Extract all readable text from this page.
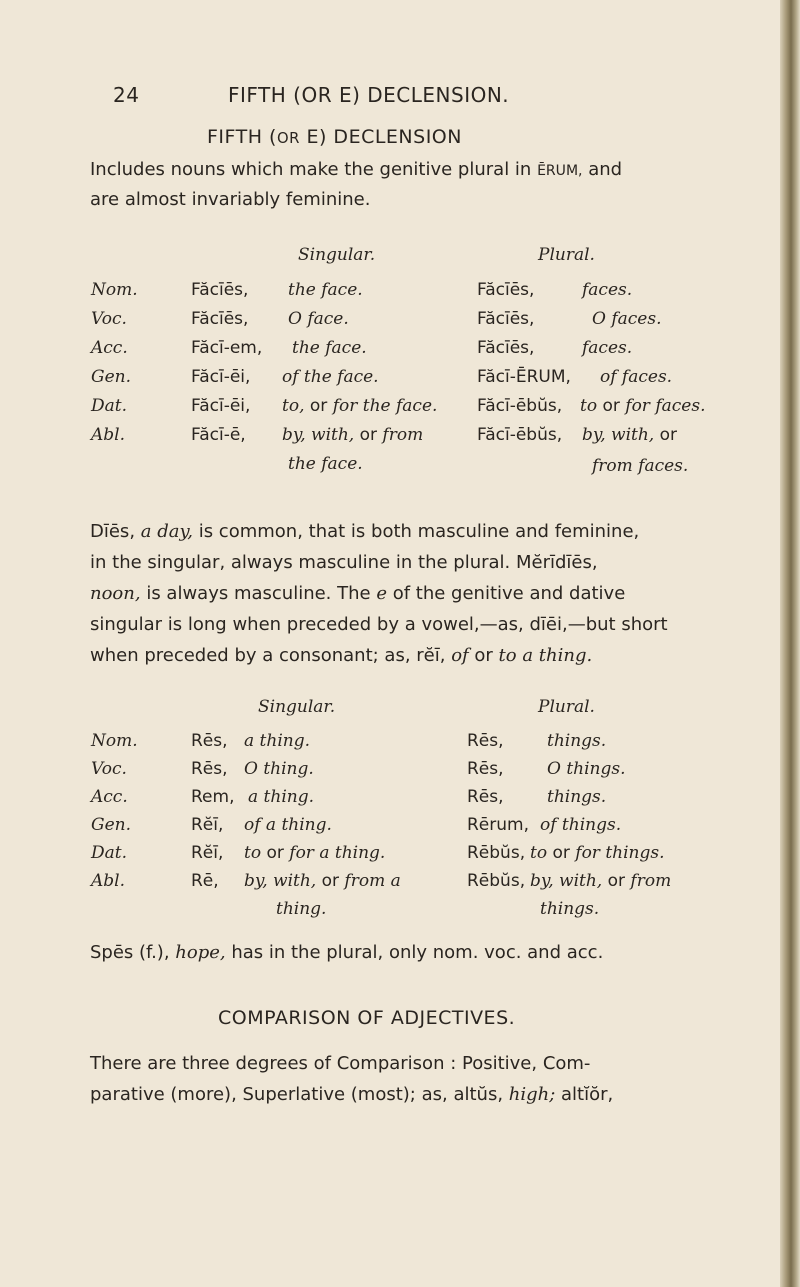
24	FIFTH (OR E) DECLENSION.
FIFTH (OR E) DECLENSION
Includes nouns which make the genitive plural in ĒRUM, and
are almost invariably feminine.
Singular.	Plural.
Nom.	Făcīēs, the face.	Făcīēs,	faces.
Voc.	Făcīēs, O face.	Făcīēs,	O faces.
Acc.	Făcī-em, the face.	Făcīēs,	faces.
Gen.	Făcī-ēi, of the face.	Făcī-ĒRUM, of faces.
Dat.	Făcī-ēi, to, or for the face. Făcī-ēbŭs, to or for faces.
Abl.	Făcī-ē, by, with, or from	Făcī-ēbŭs, by, with, or
the face.	from faces.
Dīēs, a day, is common, that is both masculine and feminine,
in the singular, always masculine in the plural. Mĕrīdīēs,
noon, is always masculine. The e of the genitive and dative
singular is long when preceded by a vowel,—as, dīēi,—but short
when preceded by a consonant; as, rĕī, of or to a thing.
Singular.	Plural.
Nom.	Rēs, a thing.	Rēs,	things.
Voc.	Rēs, O thing.	Rēs,	O things.
Acc.	Rem, a thing.	Rēs,	things.
Gen.	Rĕī, of a thing.	Rērum, of things.
Dat.	Rĕī, to or for a thing.	Rēbŭs, to or for things.
Abl.	Rē, by, with, or from a	Rēbŭs, by, with, or from
thing.	things.
Spēs (f.), hope, has in the plural, only nom. voc. and acc.
COMPARISON OF ADJECTIVES.
There are three degrees of Comparison : Positive, Com-
parative (more), Superlative (most); as, altŭs, high; altĭŏr,
